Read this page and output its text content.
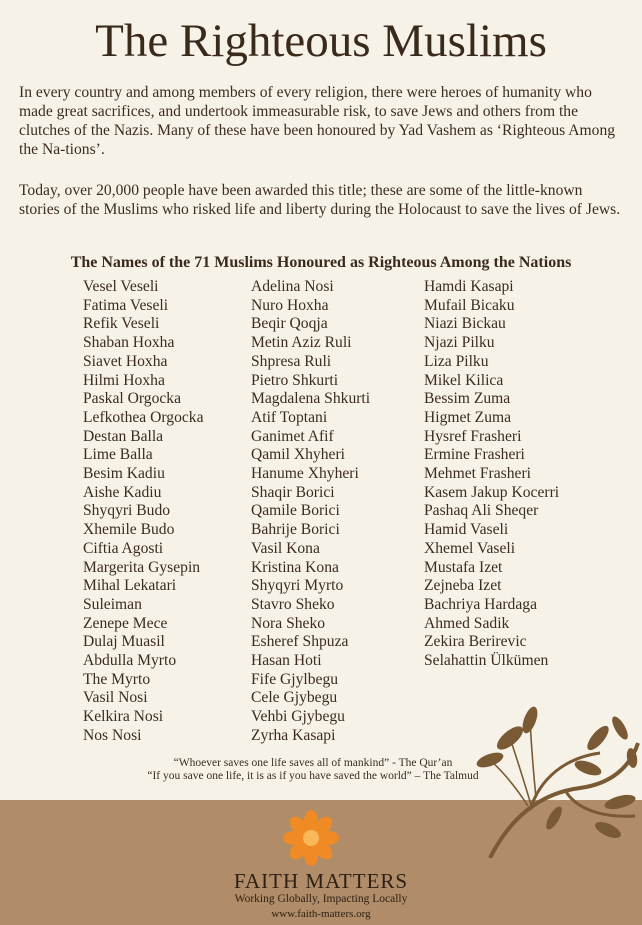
The Righteous Muslims

In every country and among members of every religion, there were heroes of humanity who made great sacrifices, and undertook immeasurable risk, to save Jews and others from the clutches of the Nazis. Many of these have been honoured by Yad Vashem as ‘Righteous Among the Na-tions’.

Today, over 20,000 people have been awarded this title; these are some of the little-known stories of the Muslims who risked life and liberty during the Holocaust to save the lives of Jews.

The Names of the 71 Muslims Honoured as Righteous Among the Nations
Vesel Veseli
Fatima Veseli
Refik Veseli
Shaban Hoxha
Siavet Hoxha
Hilmi Hoxha
Paskal Orgocka
Lefkothea Orgocka
Destan Balla
Lime Balla
Besim Kadiu
Aishe Kadiu
Shyqyri Budo
Xhemile Budo
Ciftia Agosti
Margerita Gysepin
Mihal Lekatari
Suleiman
Zenepe Mece
Dulaj Muasil
Abdulla Myrto
The Myrto
Vasil Nosi
Kelkira Nosi
Nos Nosi
Adelina Nosi
Nuro Hoxha
Beqir Qoqja
Metin Aziz Ruli
Shpresa Ruli
Pietro Shkurti
Magdalena Shkurti
Atif Toptani
Ganimet Afif
Qamil Xhyheri
Hanume Xhyheri
Shaqir Borici
Qamile Borici
Bahrije Borici
Vasil Kona
Kristina Kona
Shyqyri Myrto
Stavro Sheko
Nora Sheko
Esheref Shpuza
Hasan Hoti
Fife Gjylbegu
Cele Gjybegu
Vehbi Gjybegu
Zyrha Kasapi
Hamdi Kasapi
Mufail Bicaku
Niazi Bickau
Njazi Pilku
Liza Pilku
Mikel Kilica
Bessim Zuma
Higmet Zuma
Hysref Frasheri
Ermine Frasheri
Mehmet Frasheri
Kasem Jakup Kocerri
Pashaq Ali Sheqer
Hamid Vaseli
Xhemel Vaseli
Mustafa Izet
Zejneba Izet
Bachriya Hardaga
Ahmed Sadik
Zekira Berirevic
Selahattin Ülkümen

“Whoever saves one life saves all of mankind” - The Qur’an

“If you save one life, it is as if you have saved the world” – The Talmud

FAITH MATTERS

Working Globally, Impacting Locally

www.faith-matters.org
